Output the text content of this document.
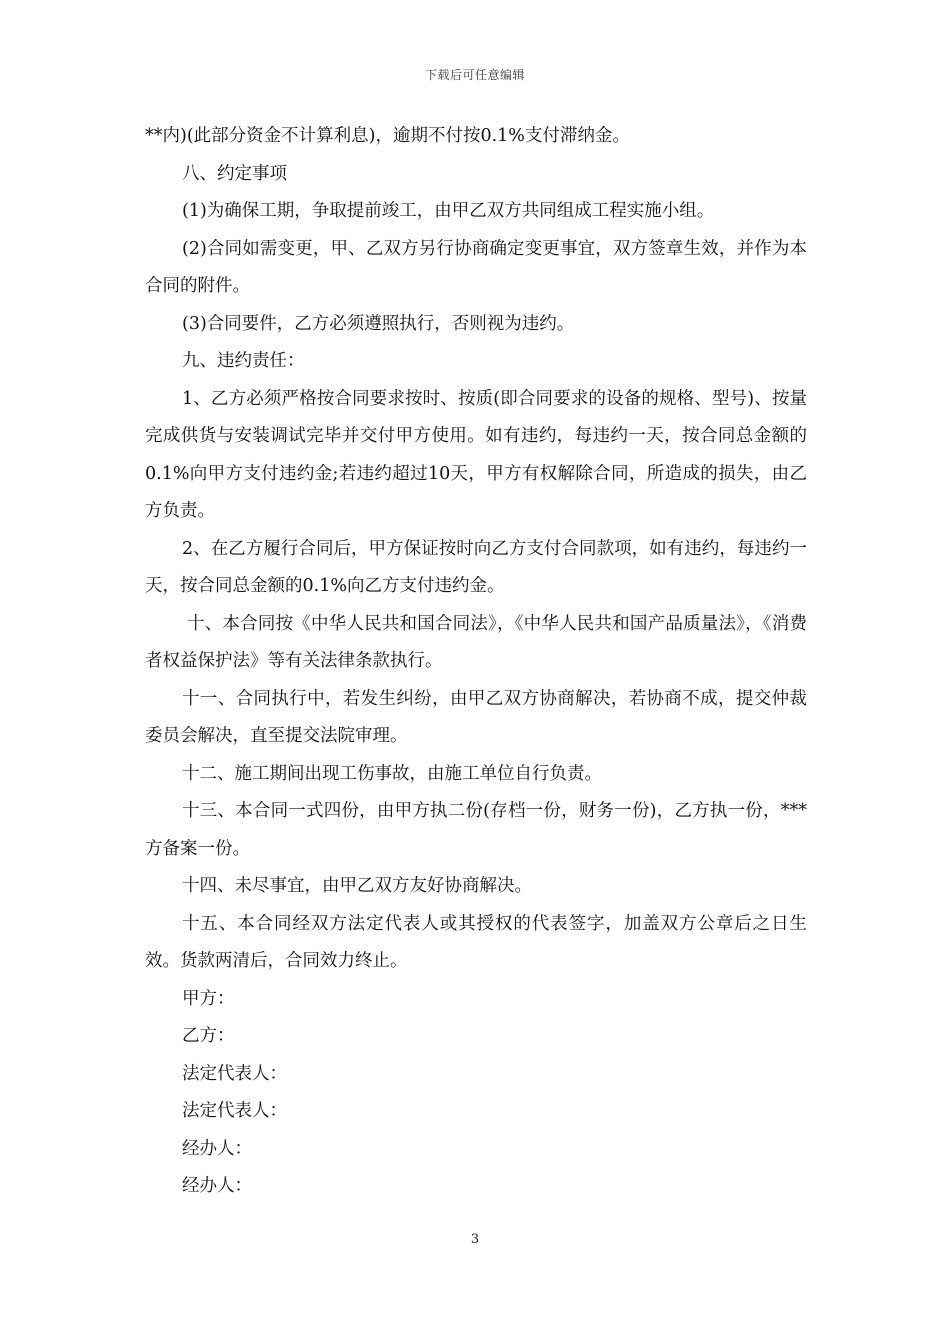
下载后可任意编辑

**内)(此部分资金不计算利息)，逾期不付按0.1%支付滞纳金。

八、约定事项

(1)为确保工期，争取提前竣工，由甲乙双方共同组成工程实施小组。

(2)合同如需变更，甲、乙双方另行协商确定变更事宜，双方签章生效，并作为本合同的附件。

(3)合同要件，乙方必须遵照执行，否则视为违约。

九、违约责任：

1、乙方必须严格按合同要求按时、按质(即合同要求的设备的规格、型号)、按量完成供货与安装调试完毕并交付甲方使用。如有违约，每违约一天，按合同总金额的0.1%向甲方支付违约金;若违约超过10天，甲方有权解除合同，所造成的损失，由乙方负责。

2、在乙方履行合同后，甲方保证按时向乙方支付合同款项，如有违约，每违约一天，按合同总金额的0.1%向乙方支付违约金。

十、本合同按《中华人民共和国合同法》，《中华人民共和国产品质量法》，《消费者权益保护法》等有关法律条款执行。

十一、合同执行中，若发生纠纷，由甲乙双方协商解决，若协商不成，提交仲裁委员会解决，直至提交法院审理。

十二、施工期间出现工伤事故，由施工单位自行负责。

十三、本合同一式四份，由甲方执二份(存档一份，财务一份)，乙方执一份，***方备案一份。

十四、未尽事宜，由甲乙双方友好协商解决。

十五、本合同经双方法定代表人或其授权的代表签字，加盖双方公章后之日生效。货款两清后，合同效力终止。

甲方：

乙方：

法定代表人：

法定代表人：

经办人：

经办人：

3
